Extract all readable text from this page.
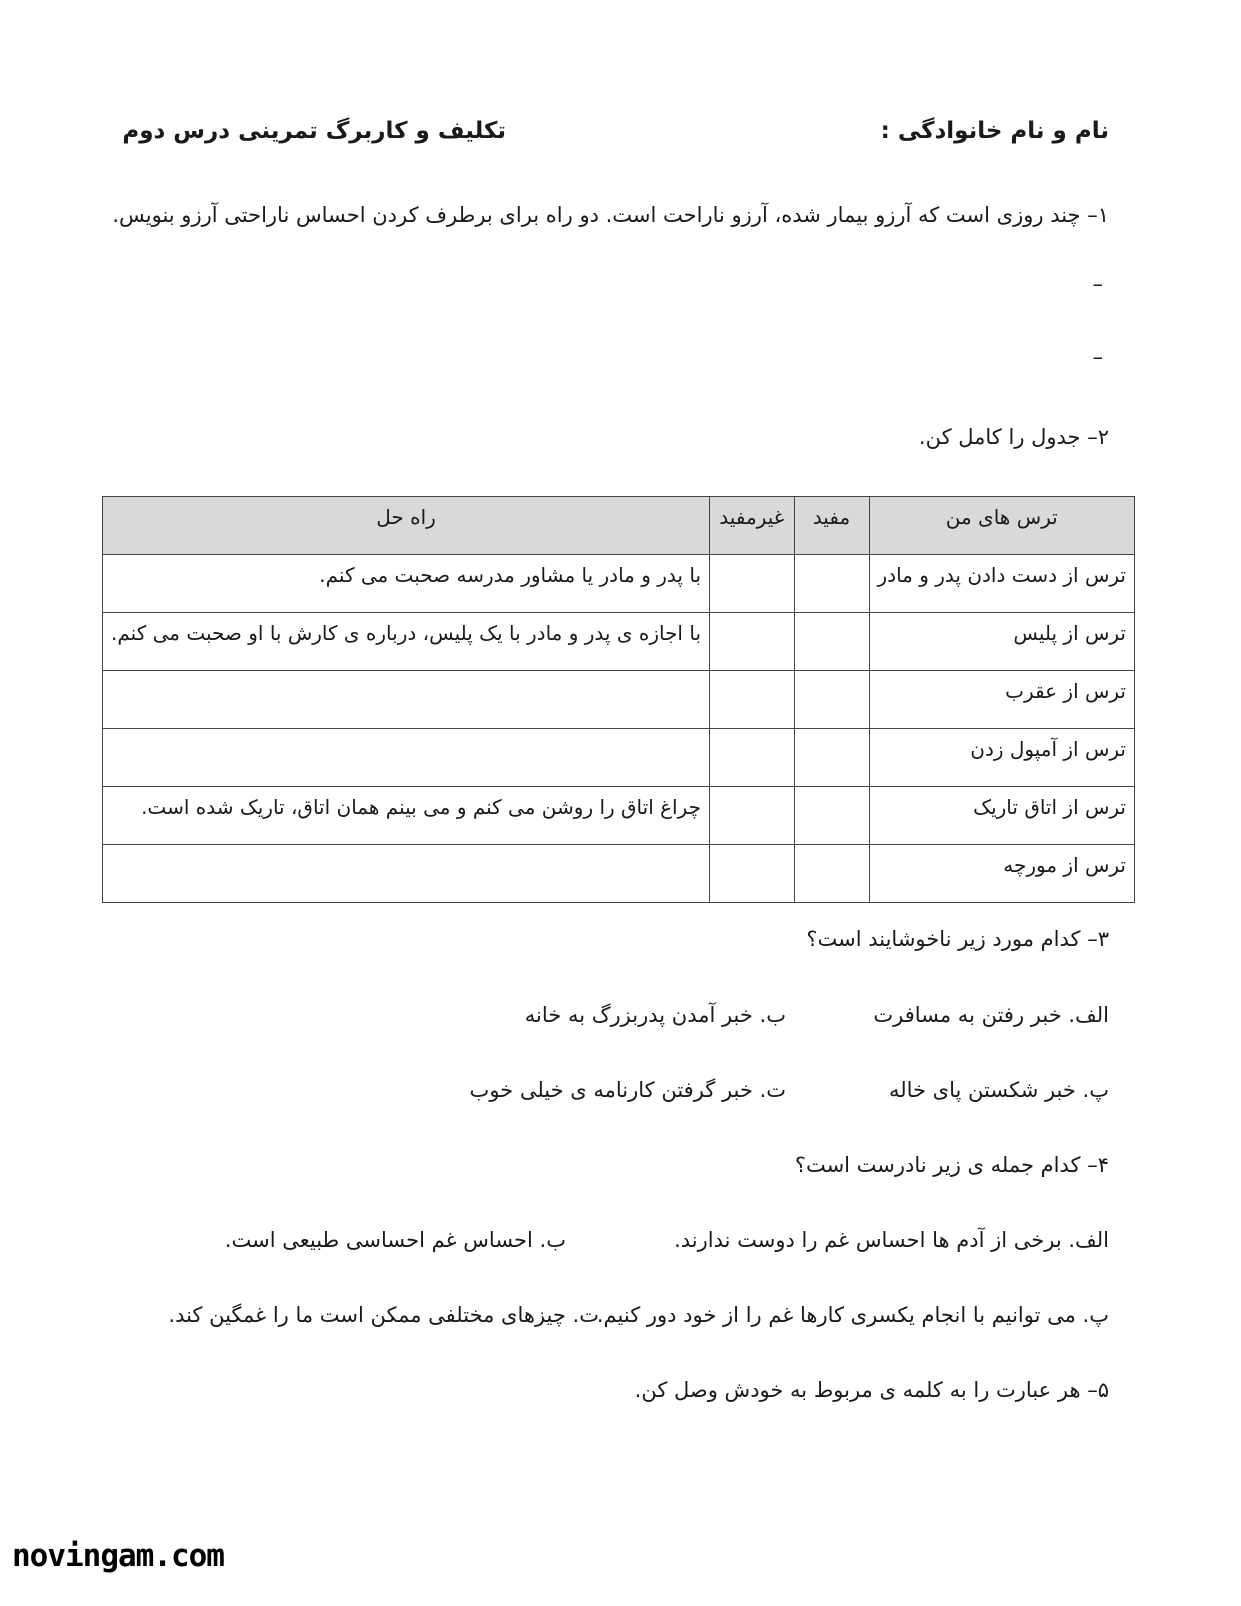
نام و نام خانوادگی :
تکلیف و کاربرگ تمرینی درس دوم
۱– چند روزی است که آرزو بیمار شده، آرزو ناراحت است. دو راه برای برطرف کردن احساس ناراحتی آرزو بنویس.
–
–
۲– جدول را کامل کن.
ترس های من	مفید	غیرمفید	راه حل
ترس از دست دادن پدر و مادر			با پدر و مادر یا مشاور مدرسه صحبت می کنم.
ترس از پلیس			با اجازه ی پدر و مادر با یک پلیس، درباره ی کارش با او صحبت می کنم.
ترس از عقرب			
ترس از آمپول زدن			
ترس از اتاق تاریک			چراغ اتاق را روشن می کنم و می بینم همان اتاق، تاریک شده است.
ترس از مورچه			
۳– کدام مورد زیر ناخوشایند است؟
الف. خبر رفتن به مسافرت
ب. خبر آمدن پدربزرگ به خانه
پ. خبر شکستن پای خاله
ت. خبر گرفتن کارنامه ی خیلی خوب
۴– کدام جمله ی زیر نادرست است؟
الف. برخی از آدم ها احساس غم را دوست ندارند.
ب. احساس غم احساسی طبیعی است.
پ. می توانیم با انجام یکسری کارها غم را از خود دور کنیم.
ت. چیزهای مختلفی ممکن است ما را غمگین کند.
۵– هر عبارت را به کلمه ی مربوط به خودش وصل کن.
novingam.com
